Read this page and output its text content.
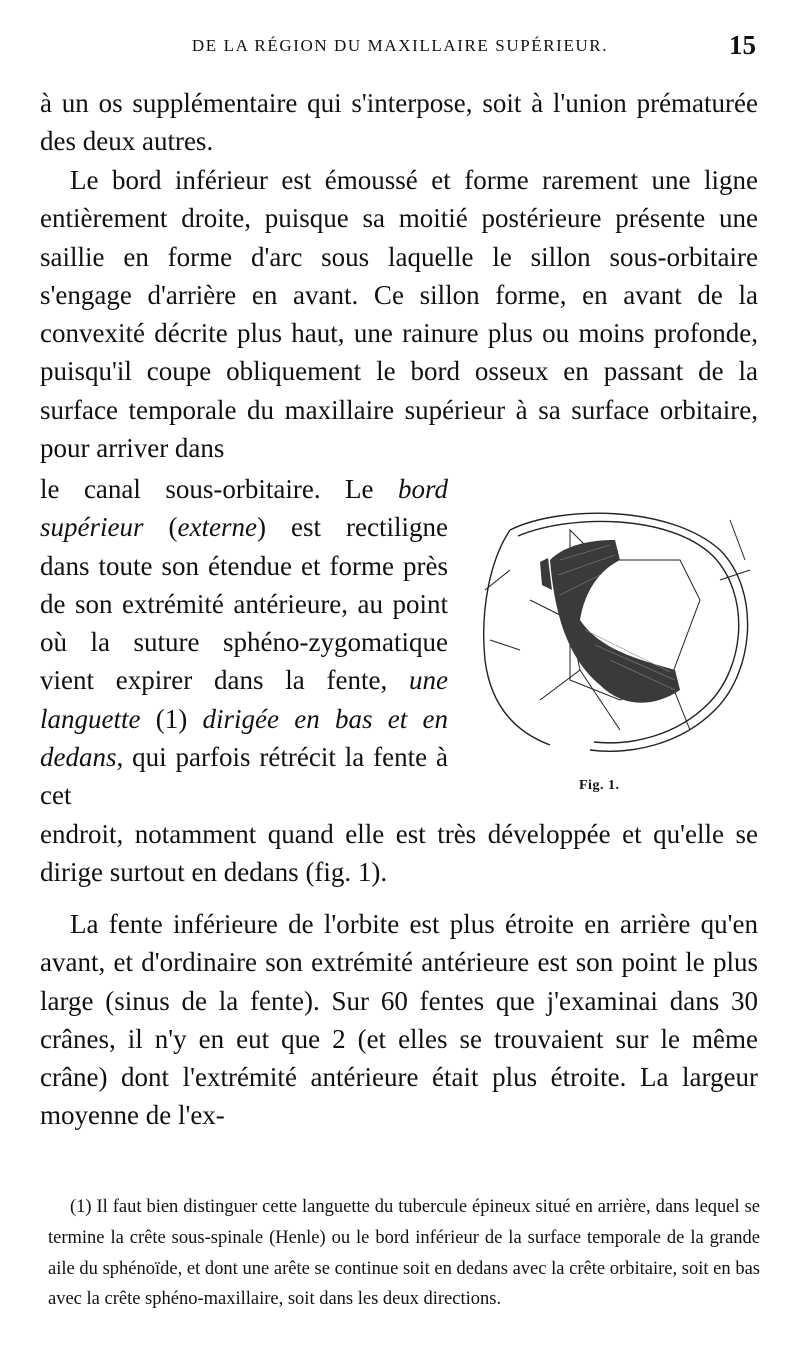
DE LA RÉGION DU MAXILLAIRE SUPÉRIEUR.	15
à un os supplémentaire qui s'interpose, soit à l'union prématurée des deux autres.
Le bord inférieur est émoussé et forme rarement une ligne entièrement droite, puisque sa moitié postérieure présente une saillie en forme d'arc sous laquelle le sillon sous-orbitaire s'engage d'arrière en avant. Ce sillon forme, en avant de la convexité décrite plus haut, une rainure plus ou moins profonde, puisqu'il coupe obliquement le bord osseux en passant de la surface temporale du maxillaire supérieur à sa surface orbitaire, pour arriver dans
le canal sous-orbitaire. Le bord supérieur (externe) est rectiligne dans toute son étendue et forme près de son extrémité antérieure, au point où la suture sphéno-zygomatique vient expirer dans la fente, une languette (1) dirigée en bas et en dedans, qui parfois rétrécit la fente à cet	Fig. 1.
endroit, notamment quand elle est très développée et qu'elle se dirige surtout en dedans (fig. 1).
La fente inférieure de l'orbite est plus étroite en arrière qu'en avant, et d'ordinaire son extrémité antérieure est son point le plus large (sinus de la fente). Sur 60 fentes que j'examinai dans 30 crânes, il n'y en eut que 2 (et elles se trouvaient sur le même crâne) dont l'extrémité antérieure était plus étroite. La largeur moyenne de l'ex-
(1) Il faut bien distinguer cette languette du tubercule épineux situé en arrière, dans lequel se termine la crête sous-spinale (Henle) ou le bord inférieur de la surface temporale de la grande aile du sphénoïde, et dont une arête se continue soit en dedans avec la crête orbitaire, soit en bas avec la crête sphéno-maxillaire, soit dans les deux directions.
